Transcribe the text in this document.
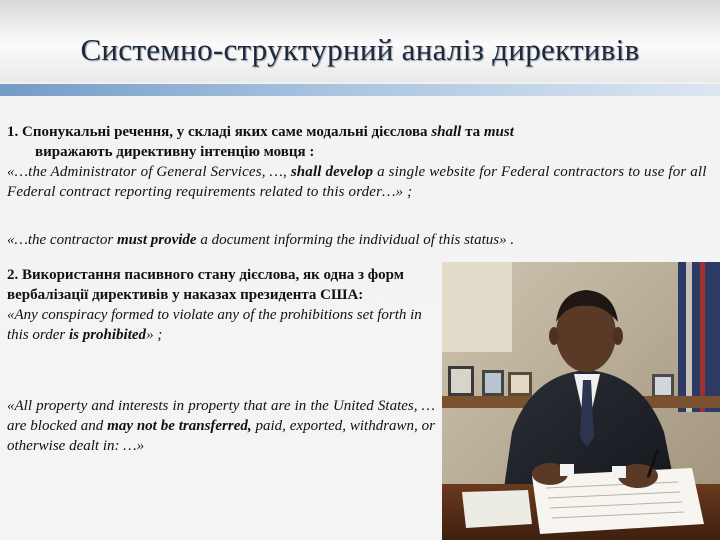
Системно-структурний аналіз директивів
1. Спонукальні речення, у складі яких саме модальні дієслова shall та must
виражають директивну інтенцію мовця :
«…the Administrator of General Services, …, shall develop a single website for Federal contractors to use for all Federal contract reporting requirements related to this order…» ;
«…the contractor must provide a document informing the individual of this status» .
2. Використання пасивного стану дієслова, як одна з форм вербалізації директивів у наказах президента США:
«Any conspiracy formed to violate any of the prohibitions set forth in this order is prohibited» ;
«All property and interests in property that are in the United States, … are blocked and may not be transferred, paid, exported, withdrawn, or otherwise dealt in: …»
